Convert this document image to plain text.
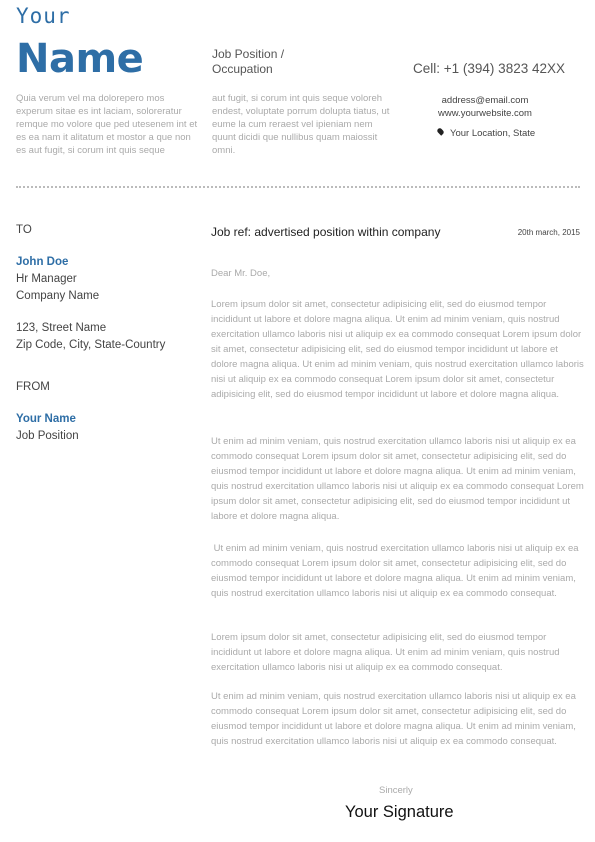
Your
Name	Job Position /
Occupation	Cell: +1 (394) 3823 42XX
Quia verum vel ma dolorepero mos experum sitae es int laciam, soloreratur remque mo volore que ped utesenem int et es ea nam it alitatum et mostor a que non es aut fugit, si corum int quis seque
aut fugit, si corum int quis seque voloreh endest, voluptate porrum dolupta tiatus, ut eume la cum reraest vel ipieniam nem quunt dicidi que nullibus quam maiossit omni.
address@email.com
www.yourwebsite.com
Your Location, State
TO
John Doe
Hr Manager
Company Name
123, Street Name
Zip Code, City, State-Country
FROM
Your Name
Job Position
Job ref: advertised position within company	20th march, 2015
Dear Mr. Doe,
Lorem ipsum dolor sit amet, consectetur adipisicing elit, sed do eiusmod tempor incididunt ut labore et dolore magna aliqua. Ut enim ad minim veniam, quis nostrud exercitation ullamco laboris nisi ut aliquip ex ea commodo consequat Lorem ipsum dolor sit amet, consectetur adipisicing elit, sed do eiusmod tempor incididunt ut labore et dolore magna aliqua. Ut enim ad minim veniam, quis nostrud exercitation ullamco laboris nisi ut aliquip ex ea commodo consequat Lorem ipsum dolor sit amet, consectetur adipisicing elit, sed do eiusmod tempor incididunt ut labore et dolore magna aliqua.
Ut enim ad minim veniam, quis nostrud exercitation ullamco laboris nisi ut aliquip ex ea commodo consequat Lorem ipsum dolor sit amet, consectetur adipisicing elit, sed do eiusmod tempor incididunt ut labore et dolore magna aliqua. Ut enim ad minim veniam, quis nostrud exercitation ullamco laboris nisi ut aliquip ex ea commodo consequat Lorem ipsum dolor sit amet, consectetur adipisicing elit, sed do eiusmod tempor incididunt ut labore et dolore magna aliqua.
Ut enim ad minim veniam, quis nostrud exercitation ullamco laboris nisi ut aliquip ex ea commodo consequat Lorem ipsum dolor sit amet, consectetur adipisicing elit, sed do eiusmod tempor incididunt ut labore et dolore magna aliqua. Ut enim ad minim veniam, quis nostrud exercitation ullamco laboris nisi ut aliquip ex ea commodo consequat.
Lorem ipsum dolor sit amet, consectetur adipisicing elit, sed do eiusmod tempor incididunt ut labore et dolore magna aliqua. Ut enim ad minim veniam, quis nostrud exercitation ullamco laboris nisi ut aliquip ex ea commodo consequat.
Ut enim ad minim veniam, quis nostrud exercitation ullamco laboris nisi ut aliquip ex ea commodo consequat Lorem ipsum dolor sit amet, consectetur adipisicing elit, sed do eiusmod tempor incididunt ut labore et dolore magna aliqua. Ut enim ad minim veniam, quis nostrud exercitation ullamco laboris nisi ut aliquip ex ea commodo consequat.
Sincerly
Your Signature
